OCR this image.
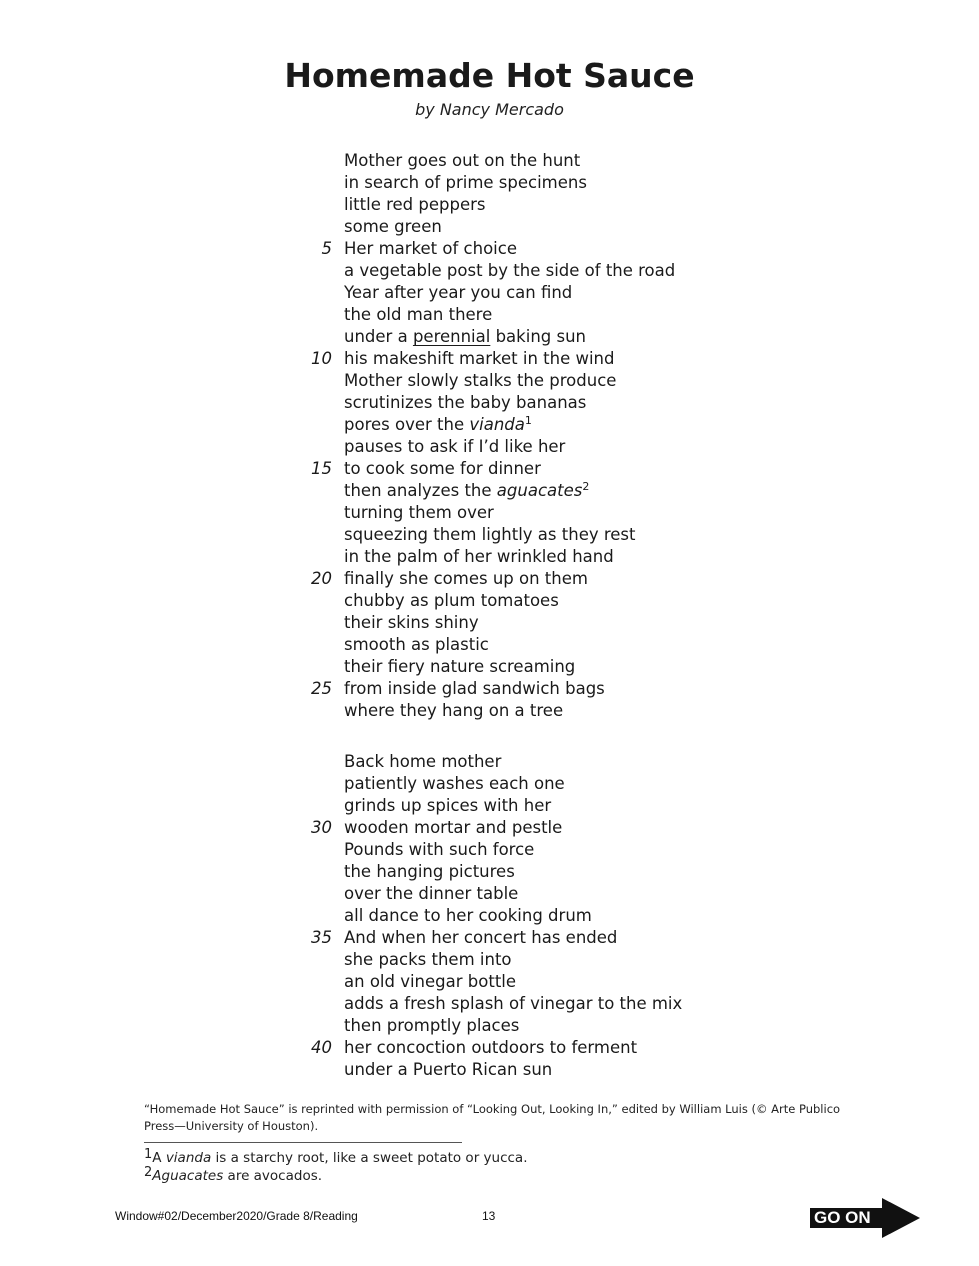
Homemade Hot Sauce
by Nancy Mercado
Mother goes out on the hunt
in search of prime specimens
little red peppers
some green
5 Her market of choice
a vegetable post by the side of the road
Year after year you can find
the old man there
under a perennial baking sun
10 his makeshift market in the wind
Mother slowly stalks the produce
scrutinizes the baby bananas
pores over the vianda$^1$
pauses to ask if I’d like her
15 to cook some for dinner
then analyzes the aguacates$^2$
turning them over
squeezing them lightly as they rest
in the palm of her wrinkled hand
20 finally she comes up on them
chubby as plum tomatoes
their skins shiny
smooth as plastic
their fiery nature screaming
25 from inside glad sandwich bags
where they hang on a tree
Back home mother
patiently washes each one
grinds up spices with her
30 wooden mortar and pestle
Pounds with such force
the hanging pictures
over the dinner table
all dance to her cooking drum
35 And when her concert has ended
she packs them into
an old vinegar bottle
adds a fresh splash of vinegar to the mix
then promptly places
40 her concoction outdoors to ferment
under a Puerto Rican sun
“Homemade Hot Sauce” is reprinted with permission of “Looking Out, Looking In,” edited by William Luis (© Arte Publico Press—University of Houston).
$^1$A vianda is a starchy root, like a sweet potato or yucca.
$^2$Aguacates are avocados.
Window#02/December2020/Grade 8/Reading	13	GO ON
